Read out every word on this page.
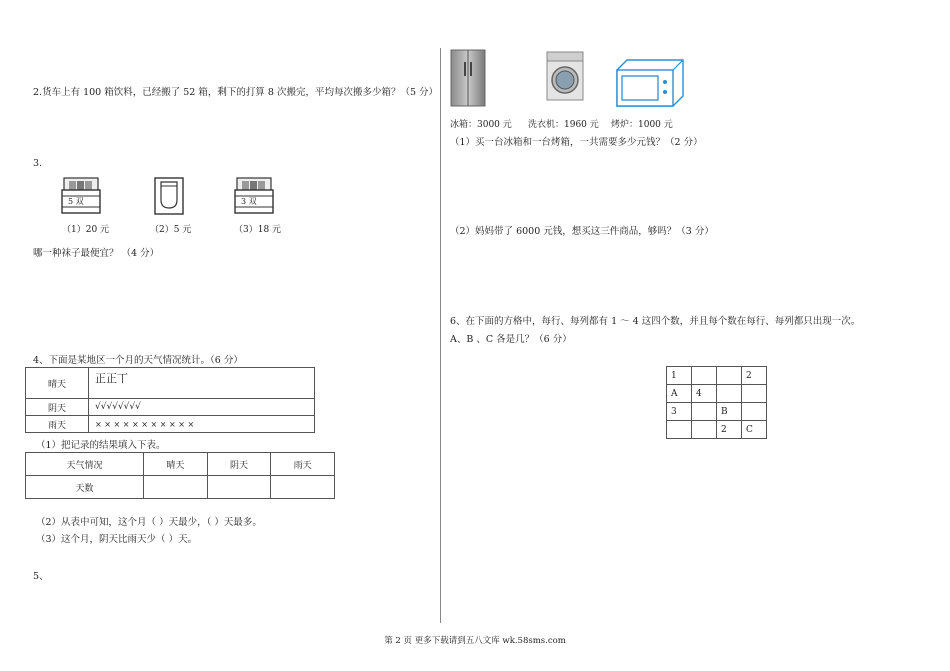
2.货车上有 100 箱饮料，已经搬了 52 箱，剩下的打算 8 次搬完，平均每次搬多少箱？（5 分）
3.
5 双
（1）20 元	（2）5 元
3 双
（3）18 元
哪一种袜子最便宜？ （4 分）
4、下面是某地区一个月的天气情况统计。（6 分）
晴天	正正丅
阴天	√√√√√√√√
雨天	× × × × × × × × × × ×
（1）把记录的结果填入下表。
天气情况	晴天	阴天	雨天
天数			
（2）从表中可知，这个月（ ）天最少，（ ）天最多。
（3）这个月，阴天比雨天少（ ）天。
5、
冰箱：3000 元 洗衣机：1960 元 烤炉：1000 元
（1）买一台冰箱和一台烤箱，一共需要多少元钱？（2 分）
（2）妈妈带了 6000 元钱，想买这三件商品，够吗？（3 分）
6、在下面的方格中，每行、每列都有 1 ～ 4 这四个数，并且每个数在每行、每列都只出现一次。
A、B 、C 各是几？（6 分）
1			2
A	4		
3		B	
		2	C
第 2 页 更多下载请到五八文库 wk.58sms.com
